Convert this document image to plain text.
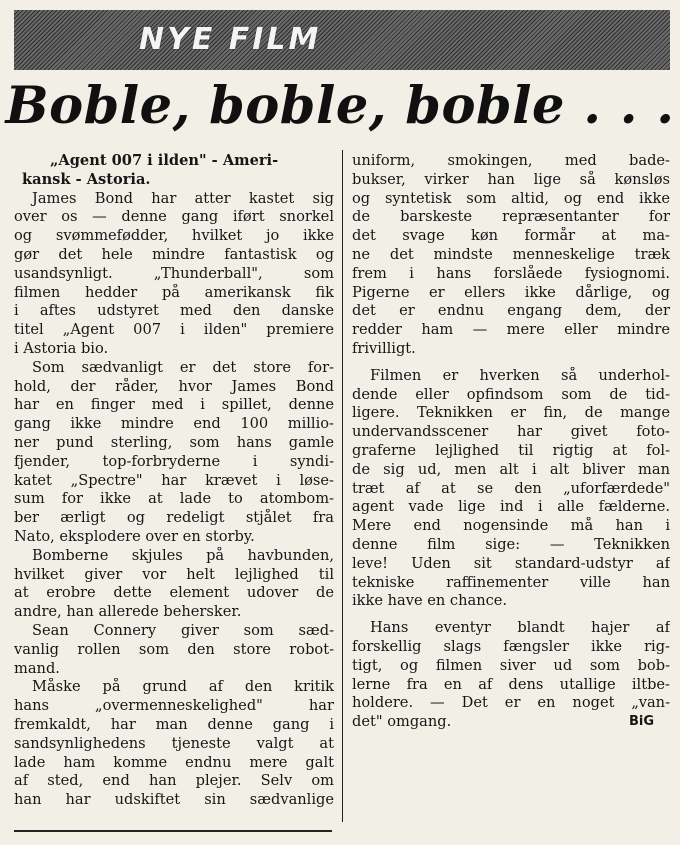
NYE FILM
Boble, boble, boble . . .
„Agent 007 i ilden" - Ameri-
kansk - Astoria.
James Bond har atter kastet sig
over os — denne gang iført snorkel
og svømmefødder, hvilket jo ikke
gør det hele mindre fantastisk og
usandsynligt. „Thunderball", som
filmen hedder på amerikansk fik
i aftes udstyret med den danske
titel „Agent 007 i ilden" premiere
i Astoria bio.
Som sædvanligt er det store for-
hold, der råder, hvor James Bond
har en finger med i spillet, denne
gang ikke mindre end 100 millio-
ner pund sterling, som hans gamle
fjender, top-forbryderne i syndi-
katet „Spectre" har krævet i løse-
sum for ikke at lade to atombom-
ber ærligt og redeligt stjålet fra
Nato, eksplodere over en storby.
Bomberne skjules på havbunden,
hvilket giver vor helt lejlighed til
at erobre dette element udover de
andre, han allerede behersker.
Sean Connery giver som sæd-
vanlig rollen som den store robot-
mand.
Måske på grund af den kritik
hans „overmenneskelighed" har
fremkaldt, har man denne gang i
sandsynlighedens tjeneste valgt at
lade ham komme endnu mere galt
af sted, end han plejer. Selv om
han har udskiftet sin sædvanlige
uniform, smokingen, med bade-
bukser, virker han lige så kønsløs
og syntetisk som altid, og end ikke
de barskeste repræsentanter for
det svage køn formår at ma-
ne det mindste menneskelige træk
frem i hans forslåede fysiognomi.
Pigerne er ellers ikke dårlige, og
det er endnu engang dem, der
redder ham — mere eller mindre
frivilligt.
Filmen er hverken så underhol-
dende eller opfindsom som de tid-
ligere. Teknikken er fin, de mange
undervandsscener har givet foto-
graferne lejlighed til rigtig at fol-
de sig ud, men alt i alt bliver man
træt af at se den „uforfærdede"
agent vade lige ind i alle fælderne.
Mere end nogensinde må han i
denne film sige: — Teknikken
leve! Uden sit standard-udstyr af
tekniske raffinementer ville han
ikke have en chance.
Hans eventyr blandt hajer af
forskellig slags fængsler ikke rig-
tigt, og filmen siver ud som bob-
lerne fra en af dens utallige iltbe-
holdere. — Det er en noget „van-
det" omgang.	BiG
